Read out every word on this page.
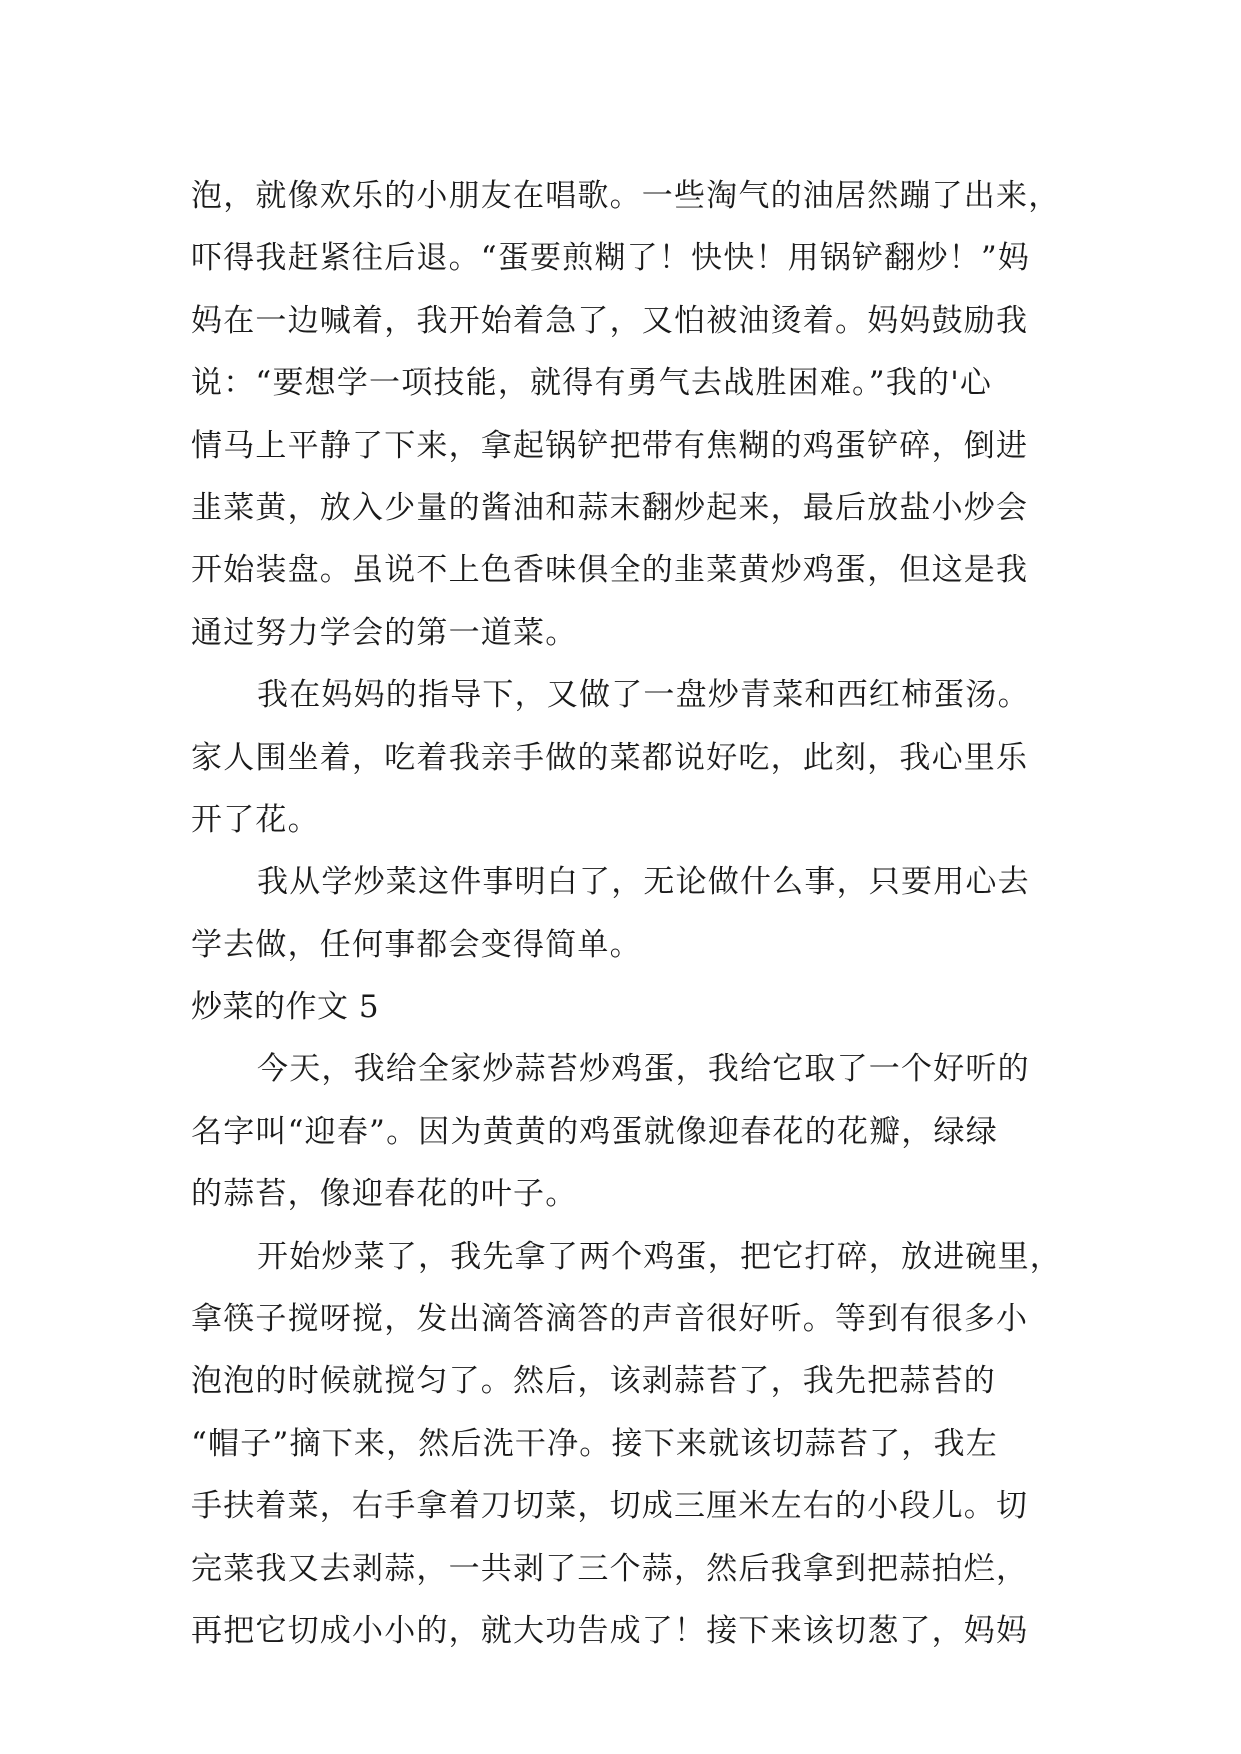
泡，就像欢乐的小朋友在唱歌。一些淘气的油居然蹦了出来，
吓得我赶紧往后退。“蛋要煎糊了！快快！用锅铲翻炒！”妈
妈在一边喊着，我开始着急了，又怕被油烫着。妈妈鼓励我
说：“要想学一项技能，就得有勇气去战胜困难。”我的'心
情马上平静了下来，拿起锅铲把带有焦糊的鸡蛋铲碎，倒进
韭菜黄，放入少量的酱油和蒜末翻炒起来，最后放盐小炒会
开始装盘。虽说不上色香味俱全的韭菜黄炒鸡蛋，但这是我
通过努力学会的第一道菜。
我在妈妈的指导下，又做了一盘炒青菜和西红柿蛋汤。
家人围坐着，吃着我亲手做的菜都说好吃，此刻，我心里乐
开了花。
我从学炒菜这件事明白了，无论做什么事，只要用心去
学去做，任何事都会变得简单。
炒菜的作文 5
今天，我给全家炒蒜苔炒鸡蛋，我给它取了一个好听的
名字叫“迎春”。因为黄黄的鸡蛋就像迎春花的花瓣，绿绿
的蒜苔，像迎春花的叶子。
开始炒菜了，我先拿了两个鸡蛋，把它打碎，放进碗里，
拿筷子搅呀搅，发出滴答滴答的声音很好听。等到有很多小
泡泡的时候就搅匀了。然后，该剥蒜苔了，我先把蒜苔的
“帽子”摘下来，然后洗干净。接下来就该切蒜苔了，我左
手扶着菜，右手拿着刀切菜，切成三厘米左右的小段儿。切
完菜我又去剥蒜，一共剥了三个蒜，然后我拿到把蒜拍烂，
再把它切成小小的，就大功告成了！接下来该切葱了，妈妈
